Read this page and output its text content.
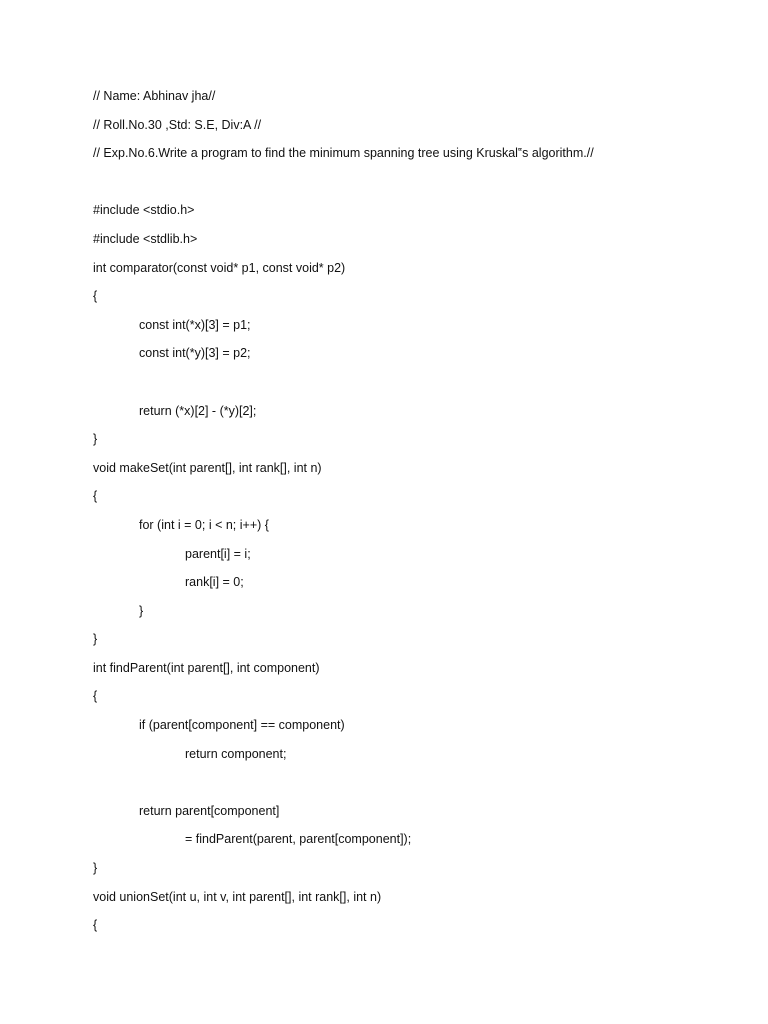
// Name: Abhinav jha//
// Roll.No.30 ,Std: S.E, Div:A //
// Exp.No.6.Write a program to find the minimum spanning tree using Kruskal‟s algorithm.//
#include <stdio.h>
#include <stdlib.h>
int comparator(const void* p1, const void* p2)
{
const int(*x)[3] = p1;
const int(*y)[3] = p2;
return (*x)[2] - (*y)[2];
}
void makeSet(int parent[], int rank[], int n)
{
for (int i = 0; i < n; i++) {
parent[i] = i;
rank[i] = 0;
}
}
int findParent(int parent[], int component)
{
if (parent[component] == component)
return component;
return parent[component]
= findParent(parent, parent[component]);
}
void unionSet(int u, int v, int parent[], int rank[], int n)
{
